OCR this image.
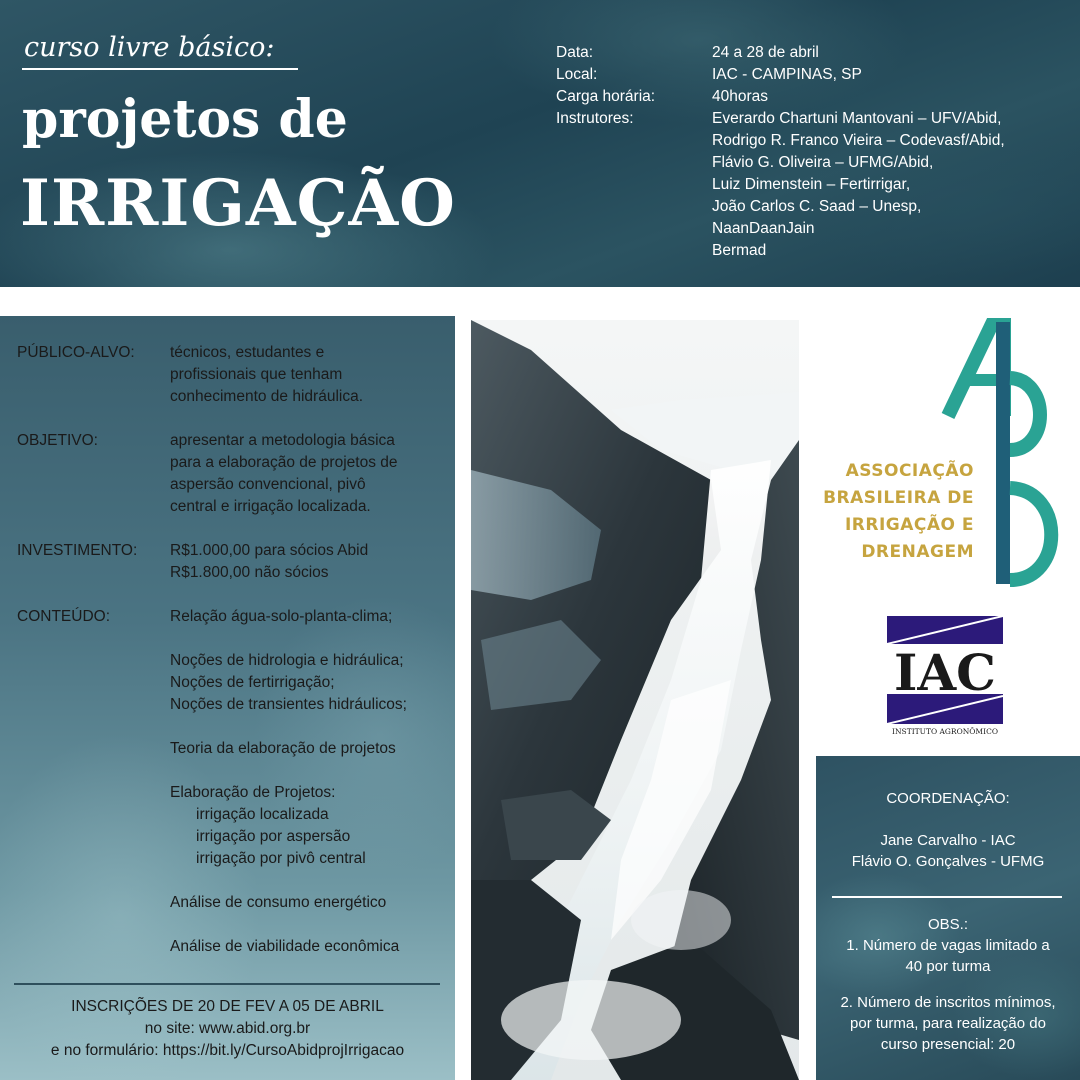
curso livre básico:
projetos de
IRRIGAÇÃO
Data:	24 a 28 de abril
Local:	IAC - CAMPINAS, SP
Carga horária:	40horas
Instrutores:	Everardo Chartuni Mantovani – UFV/Abid,
Rodrigo R. Franco Vieira – Codevasf/Abid,
Flávio G. Oliveira – UFMG/Abid,
Luiz Dimenstein – Fertirrigar,
João Carlos C. Saad – Unesp,
NaanDaanJain
Bermad
PÚBLICO-ALVO:	técnicos, estudantes e
profissionais que tenham
conhecimento de hidráulica.
OBJETIVO:	apresentar a metodologia básica
para a elaboração de projetos de
aspersão convencional, pivô
central e irrigação localizada.
INVESTIMENTO:	R$1.000,00 para sócios Abid
R$1.800,00 não sócios
CONTEÚDO:	Relação água-solo-planta-clima;
Noções de hidrologia e hidráulica;
Noções de fertirrigação;
Noções de transientes hidráulicos;
Teoria da elaboração de projetos
Elaboração de Projetos:
irrigação localizada
irrigação por aspersão
irrigação por pivô central
Análise de consumo energético
Análise de viabilidade econômica
INSCRIÇÕES DE 20 DE FEV A 05 DE ABRIL
no site: www.abid.org.br
e no formulário: https://bit.ly/CursoAbidprojIrrigacao
ASSOCIAÇÃO
BRASILEIRA DE
IRRIGAÇÃO E
DRENAGEM
IAC
INSTITUTO AGRONÔMICO
COORDENAÇÃO:
Jane Carvalho - IAC
Flávio O. Gonçalves - UFMG
OBS.:
1. Número de vagas limitado a
40 por turma
2. Número de inscritos mínimos,
por turma, para realização do
curso presencial: 20
